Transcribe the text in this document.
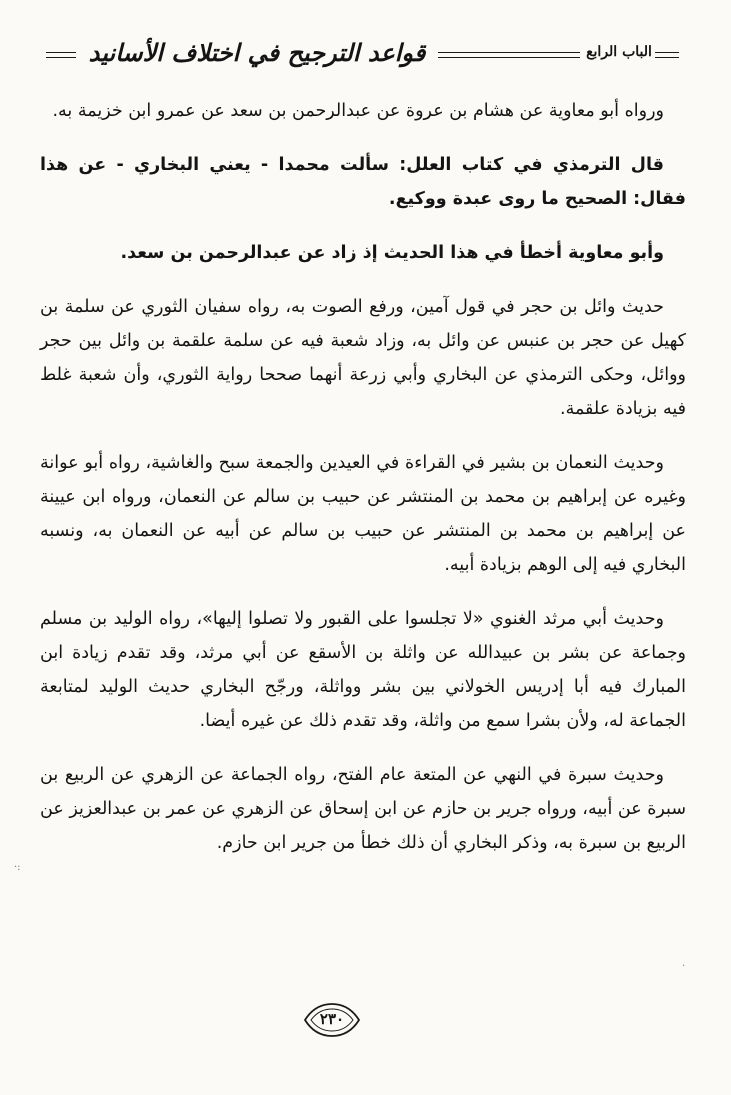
قواعد الترجيح في اختلاف الأسانيد	الباب الرابع

ورواه أبو معاوية عن هشام بن عروة عن عبدالرحمن بن سعد عن عمرو ابن خزيمة به.

قال الترمذي في كتاب العلل: سألت محمدا - يعني البخاري - عن هذا فقال: الصحيح ما روى عبدة ووكيع.

وأبو معاوية أخطأ في هذا الحديث إذ زاد عن عبدالرحمن بن سعد.

حديث وائل بن حجر في قول آمين، ورفع الصوت به، رواه سفيان الثوري عن سلمة بن كهيل عن حجر بن عنبس عن وائل به، وزاد شعبة فيه عن سلمة علقمة بن وائل بين حجر ووائل، وحكى الترمذي عن البخاري وأبي زرعة أنهما صححا رواية الثوري، وأن شعبة غلط فيه بزيادة علقمة.

وحديث النعمان بن بشير في القراءة في العيدين والجمعة سبح والغاشية، رواه أبو عوانة وغيره عن إبراهيم بن محمد بن المنتشر عن حبيب بن سالم عن النعمان، ورواه ابن عيينة عن إبراهيم بن محمد بن المنتشر عن حبيب بن سالم عن أبيه عن النعمان به، ونسبه البخاري فيه إلى الوهم بزيادة أبيه.

وحديث أبي مرثد الغنوي «لا تجلسوا على القبور ولا تصلوا إليها»، رواه الوليد بن مسلم وجماعة عن بشر بن عبيدالله عن واثلة بن الأسقع عن أبي مرثد، وقد تقدم زيادة ابن المبارك فيه أبا إدريس الخولاني بين بشر وواثلة، ورجّح البخاري حديث الوليد لمتابعة الجماعة له، ولأن بشرا سمع من واثلة، وقد تقدم ذلك عن غيره أيضا.

وحديث سبرة في النهي عن المتعة عام الفتح، رواه الجماعة عن الزهري عن الربيع بن سبرة عن أبيه، ورواه جرير بن حازم عن ابن إسحاق عن الزهري عن عمر بن عبدالعزيز عن الربيع بن سبرة به، وذكر البخاري أن ذلك خطأ من جرير ابن حازم.

٢٣٠
·:
.
